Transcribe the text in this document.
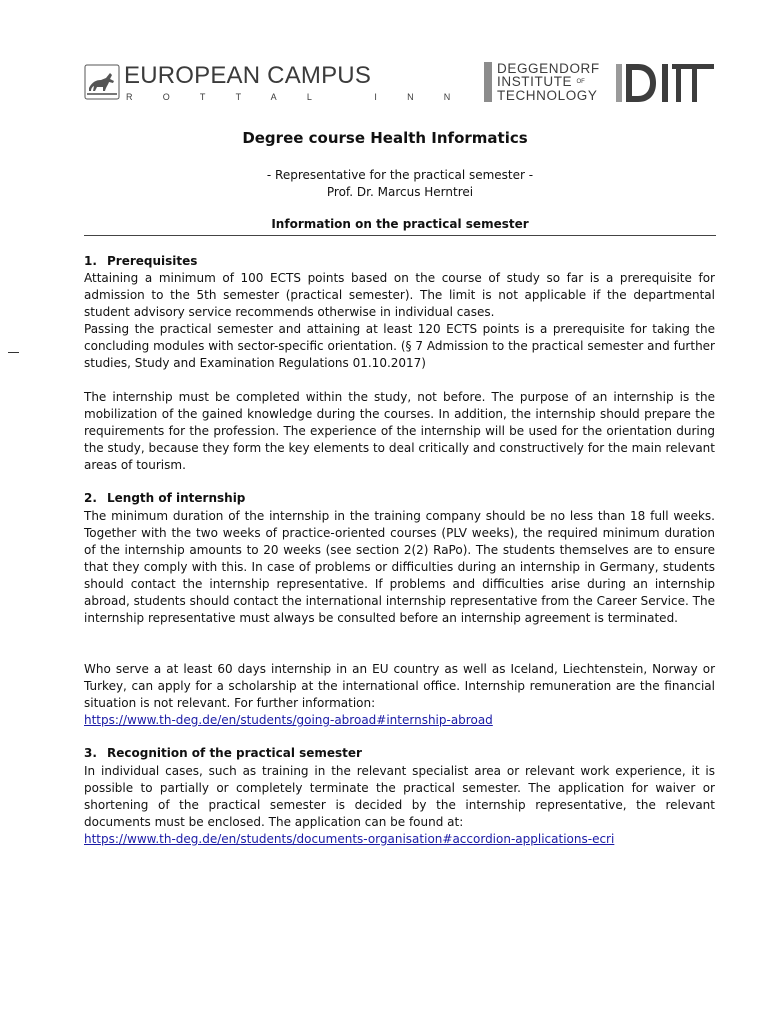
EUROPEAN CAMPUS
ROTTAL INN
DEGGENDORF
INSTITUTE OF
TECHNOLOGY
Degree course Health Informatics
- Representative for the practical semester -
Prof. Dr. Marcus Herntrei
Information on the practical semester
1. Prerequisites
Attaining a minimum of 100 ECTS points based on the course of study so far is a prerequisite for admission to the 5th semester (practical semester). The limit is not applicable if the departmental student advisory service recommends otherwise in individual cases.
Passing the practical semester and attaining at least 120 ECTS points is a prerequisite for taking the concluding modules with sector-specific orientation. (§ 7 Admission to the practical semester and further studies, Study and Examination Regulations 01.10.2017)
The internship must be completed within the study, not before. The purpose of an internship is the mobilization of the gained knowledge during the courses. In addition, the internship should prepare the requirements for the profession. The experience of the internship will be used for the orientation during the study, because they form the key elements to deal critically and constructively for the main relevant areas of tourism.
2. Length of internship
The minimum duration of the internship in the training company should be no less than 18 full weeks. Together with the two weeks of practice-oriented courses (PLV weeks), the required minimum duration of the internship amounts to 20 weeks (see section 2(2) RaPo). The students themselves are to ensure that they comply with this. In case of problems or difficulties during an internship in Germany, students should contact the internship representative. If problems and difficulties arise during an internship abroad, students should contact the international internship representative from the Career Service. The internship representative must always be consulted before an internship agreement is terminated.
Who serve a at least 60 days internship in an EU country as well as Iceland, Liechtenstein, Norway or Turkey, can apply for a scholarship at the international office. Internship remuneration are the financial situation is not relevant. For further information:
https://www.th-deg.de/en/students/going-abroad#internship-abroad
3. Recognition of the practical semester
In individual cases, such as training in the relevant specialist area or relevant work experience, it is possible to partially or completely terminate the practical semester. The application for waiver or shortening of the practical semester is decided by the internship representative, the relevant documents must be enclosed. The application can be found at:
https://www.th-deg.de/en/students/documents-organisation#accordion-applications-ecri
